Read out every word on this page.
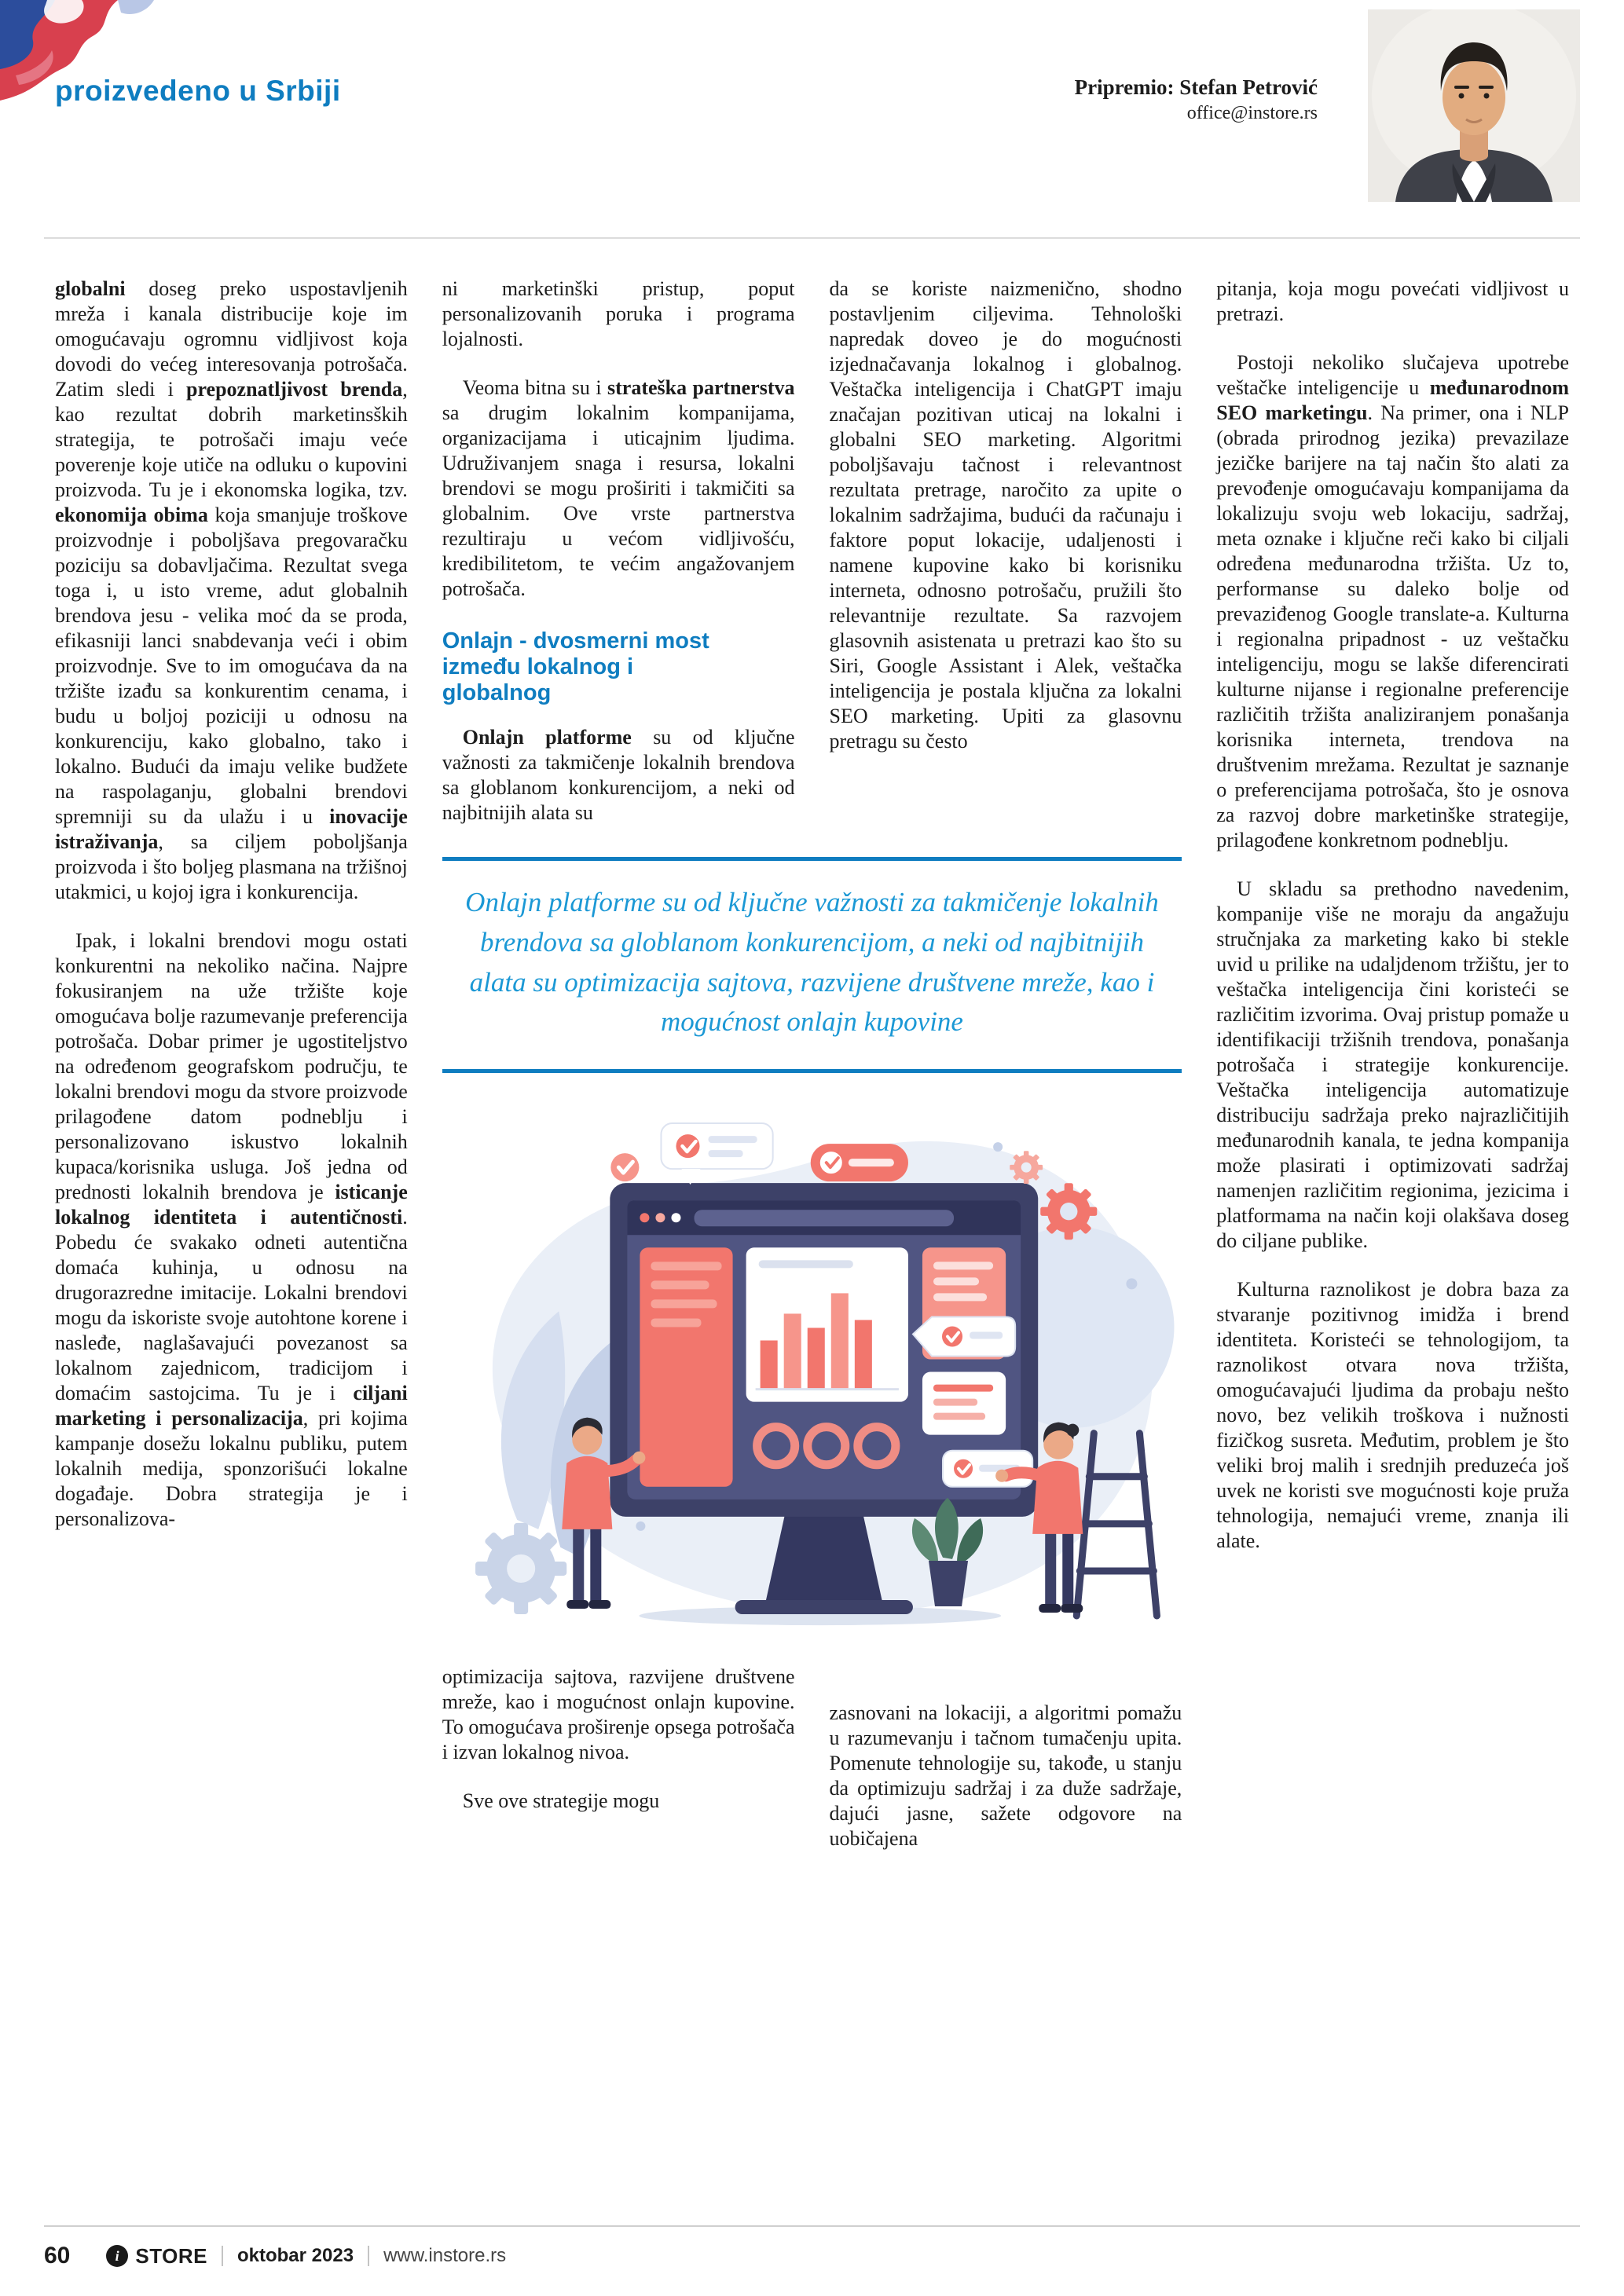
proizvedeno u Srbiji	Pripremio: Stefan Petrović
office@instore.rs

globalni doseg preko uspostavljenih mreža i kanala distribucije koje im omogućavaju ogromnu vidljivost koja dovodi do većeg interesovanja potrošača. Zatim sledi i prepoznatljivost brenda, kao rezultat dobrih marketinsških strategija, te potrošači imaju veće poverenje koje utiče na odluku o kupovini proizvoda. Tu je i ekonomska logika, tzv. ekonomija obima koja smanjuje troškove proizvodnje i poboljšava pregovaračku poziciju sa dobavljačima. Rezultat svega toga i, u isto vreme, adut globalnih brendova jesu - velika moć da se proda, efikasniji lanci snabdevanja veći i obim proizvodnje. Sve to im omogućava da na tržište izađu sa konkurentim cenama, i budu u boljoj poziciji u odnosu na konkurenciju, kako globalno, tako i lokalno. Budući da imaju velike budžete na raspolaganju, globalni brendovi spremniji su da ulažu i u inovacije istraživanja, sa ciljem poboljšanja proizvoda i što boljeg plasmana na tržišnoj utakmici, u kojoj igra i konkurencija.

Ipak, i lokalni brendovi mogu ostati konkurentni na nekoliko načina. Najpre fokusiranjem na uže tržište koje omogućava bolje razumevanje preferencija potrošača. Dobar primer je ugostiteljstvo na određenom geografskom području, te lokalni brendovi mogu da stvore proizvode prilagođene datom podneblju i personalizovano iskustvo lokalnih kupaca/korisnika usluga. Još jedna od prednosti lokalnih brendova je isticanje lokalnog identiteta i autentičnosti. Pobedu će svakako odneti autentična domaća kuhinja, u odnosu na drugorazredne imitacije. Lokalni brendovi mogu da iskoriste svoje autohtone korene i nasleđe, naglašavajući povezanost sa lokalnom zajednicom, tradicijom i domaćim sastojcima. Tu je i ciljani marketing i personalizacija, pri kojima kampanje dosežu lokalnu publiku, putem lokalnih medija, sponzorišući lokalne događaje. Dobra strategija je i personalizova-

ni marketinški pristup, poput personalizovanih poruka i programa lojalnosti.

Veoma bitna su i strateška partnerstva sa drugim lokalnim kompanijama, organizacijama i uticajnim ljudima. Udruživanjem snaga i resursa, lokalni brendovi se mogu proširiti i takmičiti sa globalnim. Ove vrste partnerstva rezultiraju u većom vidljivošću, kredibilitetom, te većim angažovanjem potrošača.

Onlajn - dvosmerni most između lokalnog i globalnog

Onlajn platforme su od ključne važnosti za takmičenje lokalnih brendova sa globlanom konkurencijom, a neki od najbitnijih alata su

da se koriste naizmenično, shodno postavljenim ciljevima. Tehnološki napredak doveo je do mogućnosti izjednačavanja lokalnog i globalnog. Veštačka inteligencija i ChatGPT imaju značajan pozitivan uticaj na lokalni i globalni SEO marketing. Algoritmi poboljšavaju tačnost i relevantnost rezultata pretrage, naročito za upite o lokalnim sadržajima, budući da računaju i faktore poput lokacije, udaljenosti i namene kupovine kako bi korisniku interneta, odnosno potrošaču, pružili što relevantnije rezultate. Sa razvojem glasovnih asistenata u pretrazi kao što su Siri, Google Assistant i Alek, veštačka inteligencija je postala ključna za lokalni SEO marketing. Upiti za glasovnu pretragu su često

Onlajn platforme su od ključne važnosti za takmičenje lokalnih brendova sa globlanom konkurencijom, a neki od najbitnijih alata su optimizacija sajtova, razvijene društvene mreže, kao i mogućnost onlajn kupovine

optimizacija sajtova, razvijene društvene mreže, kao i mogućnost onlajn kupovine. To omogućava proširenje opsega potrošača i izvan lokalnog nivoa.

Sve ove strategije mogu

zasnovani na lokaciji, a algoritmi pomažu u razumevanju i tačnom tumačenju upita. Pomenute tehnologije su, takođe, u stanju da optimizuju sadržaj i za duže sadržaje, dajući jasne, sažete odgovore na uobičajena

pitanja, koja mogu povećati vidljivost u pretrazi.

Postoji nekoliko slučajeva upotrebe veštačke inteligencije u međunarodnom SEO marketingu. Na primer, ona i NLP (obrada prirodnog jezika) prevazilaze jezičke barijere na taj način što alati za prevođenje omogućavaju kompanijama da lokalizuju svoju web lokaciju, sadržaj, meta oznake i ključne reči kako bi ciljali određena međunarodna tržišta. Uz to, performanse su daleko bolje od prevaziđenog Google translate-a. Kulturna i regionalna pripadnost - uz veštačku inteligenciju, mogu se lakše diferencirati kulturne nijanse i regionalne preferencije različitih tržišta analiziranjem ponašanja korisnika interneta, trendova na društvenim mrežama. Rezultat je saznanje o preferencijama potrošača, što je osnova za razvoj dobre marketinške strategije, prilagođene konkretnom podneblju.

U skladu sa prethodno navedenim, kompanije više ne moraju da angažuju stručnjaka za marketing kako bi stekle uvid u prilike na udaljdenom tržištu, jer to veštačka inteligencija čini koristeći se različitim izvorima. Ovaj pristup pomaže u identifikaciji tržišnih trendova, ponašanja potrošača i strategije konkurencije. Veštačka inteligencija automatizuje distribuciju sadržaja preko najrazličitijih međunarodnih kanala, te jedna kompanija može plasirati i optimizovati sadržaj namenjen različitim regionima, jezicima i platformama na način koji olakšava doseg do ciljane publike.

Kulturna raznolikost je dobra baza za stvaranje pozitivnog imidža i brend identiteta. Koristeći se tehnologijom, ta raznolikost otvara nova tržišta, omogućavajući ljudima da probaju nešto novo, bez velikih troškova i nužnosti fizičkog susreta. Međutim, problem je što veliki broj malih i srednjih preduzeća još uvek ne koristi sve mogućnosti koje pruža tehnologija, nemajući vreme, znanja ili alate.

60	i STORE oktobar 2023 www.instore.rs
